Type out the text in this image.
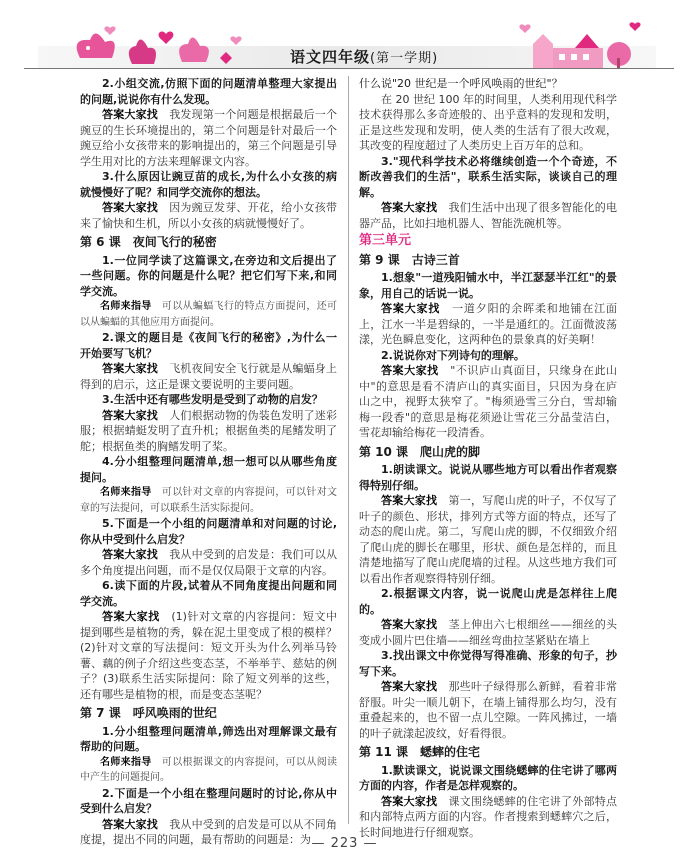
语文四年级(第一学期)
2.小组交流,仿照下面的问题清单整理大家提出的问题,说说你有什么发现。
答案大家找　 我发现第一个问题是根据最后一个豌豆的生长环境提出的，第二个问题是针对最后一个豌豆给小女孩带来的影响提出的，第三个问题是引导学生用对比的方法来理解课文内容。
3.什么原因让豌豆苗的成长,为什么小女孩的病就慢慢好了呢？和同学交流你的想法。
答案大家找　 因为豌豆发芽、开花，给小女孩带来了愉快和生机，所以小女孩的病就慢慢好了。
第 6 课　夜间飞行的秘密
1.一位同学读了这篇课文,在旁边和文后提出了一些问题。你的问题是什么呢？把它们写下来,和同学交流。
名师来指导　 可以从蝙蝠飞行的特点方面提问，还可以从蝙蝠的其他应用方面提问。
2.课文的题目是《夜间飞行的秘密》,为什么一开始要写飞机？
答案大家找　 飞机夜间安全飞行就是从蝙蝠身上得到的启示，这正是课文要说明的主要问题。
3.生活中还有哪些发明是受到了动物的启发？
答案大家找　 人们根据动物的伪装色发明了迷彩服；根据蜻蜓发明了直升机；根据鱼类的尾鳍发明了舵；根据鱼类的胸鳍发明了桨。
4.分小组整理问题清单,想一想可以从哪些角度提问。
名师来指导　 可以针对文章的内容提问，可以针对文章的写法提问，可以联系生活实际提问。
5.下面是一个小组的问题清单和对问题的讨论,你从中受到什么启发？
答案大家找　 我从中受到的启发是：我们可以从多个角度提出问题，而不是仅仅局限于文章的内容。
6.读下面的片段,试着从不同角度提出问题和同学交流。
答案大家找　 (1)针对文章的内容提问：短文中提到哪些是植物的秀，躲在泥土里变成了根的模样？(2)针对文章的写法提问：短文开头为什么列举马铃薯、藕的例子介绍这些变态茎，不举举芋、慈姑的例子？(3)联系生活实际提问：除了短文列举的这些，还有哪些是植物的根，而是变态茎呢？
第 7 课　呼风唤雨的世纪
1.分小组整理问题清单,筛选出对理解课文最有帮助的问题。
名师来指导　 可以根据课文的内容提问，可以从阅读中产生的问题提问。
2.下面是一个小组在整理问题时的讨论,你从中受到什么启发？
答案大家找　 我从中受到的启发是可以从不同角度提，提出不同的问题，最有帮助的问题是：为
什么说"20 世纪是一个呼风唤雨的世纪"？
在 20 世纪 100 年的时间里，人类利用现代科学技术获得那么多奇迹般的、出乎意料的发现和发明，正是这些发现和发明，使人类的生活有了很大改观，其改变的程度超过了人类历史上百万年的总和。
3."现代科学技术必将继续创造一个个奇迹，不断改善我们的生活"，联系生活实际，谈谈自己的理解。
答案大家找　 我们生活中出现了很多智能化的电器产品，比如扫地机器人、智能洗碗机等。
第三单元
第 9 课　古诗三首
1.想象"一道残阳铺水中，半江瑟瑟半江红"的景象，用自己的话说一说。
答案大家找　 一道夕阳的余晖柔和地铺在江面上，江水一半是碧绿的，一半是通红的。江面微波荡漾，光色瞬息变化，这两种色的景象真的好美啊！
2.说说你对下列诗句的理解。
答案大家找　 "不识庐山真面目，只缘身在此山中"的意思是看不清庐山的真实面目，只因为身在庐山之中，视野太狭窄了。"梅须逊雪三分白，雪却输梅一段香"的意思是梅花须逊让雪花三分晶莹洁白，雪花却输给梅花一段清香。
第 10 课　爬山虎的脚
1.朗读课文。说说从哪些地方可以看出作者观察得特别仔细。
答案大家找　 第一，写爬山虎的叶子，不仅写了叶子的颜色、形状，排列方式等方面的特点，还写了动态的爬山虎。第二，写爬山虎的脚，不仅细致介绍了爬山虎的脚长在哪里，形状、颜色是怎样的，而且清楚地描写了爬山虎爬墙的过程。从这些地方我们可以看出作者观察得特别仔细。
2.根据课文内容，说一说爬山虎是怎样往上爬的。
答案大家找　 茎上伸出六七根细丝——细丝的头变成小圆片巴住墙——细丝弯曲拉茎紧贴在墙上
3.找出课文中你觉得写得准确、形象的句子，抄写下来。
答案大家找　 那些叶子绿得那么新鲜，看着非常舒服。叶尖一顺儿朝下，在墙上铺得那么均匀，没有重叠起来的，也不留一点儿空隙。一阵风拂过，一墙的叶子就漾起波纹，好看得很。
第 11 课　蟋蟀的住宅
1.默读课文，说说课文围绕蟋蟀的住宅讲了哪两方面的内容，作者是怎样观察的。
答案大家找　 课文围绕蟋蟀的住宅讲了外部特点和内部特点两方面的内容。作者搜索到蟋蟀穴之后，长时间地进行仔细观察。
— 223 —
